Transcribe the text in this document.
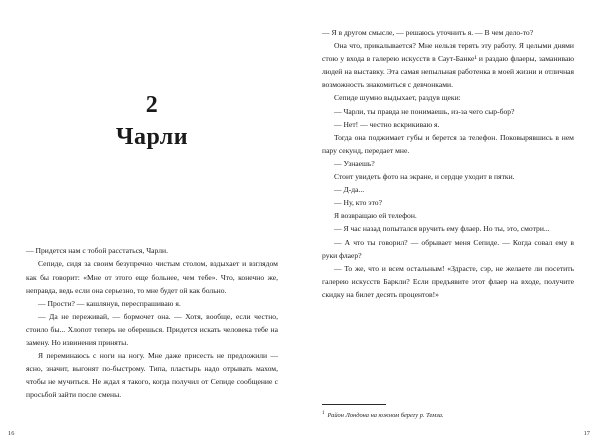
2
Чарли

— Придется нам с тобой расстаться, Чарли.

Сепиде, сидя за своим безупречно чистым столом, вздыхает и взглядом как бы говорит: «Мне от этого еще больнее, чем тебе». Что, конечно же, неправда, ведь если она серьезно, то мне будет ой как больно.

— Прости? — кашлянув, переспрашиваю я.

— Да не переживай, — бормочет она. — Хотя, вообще, если честно, стоило бы... Хлопот теперь не оберешься. Придется искать человека тебе на замену. Но извинения приняты.

Я переминаюсь с ноги на ногу. Мне даже присесть не предложили — ясно, значит, выгонят по-быстрому. Типа, пластырь надо отрывать махом, чтобы не мучиться. Не ждал я такого, когда получил от Сепиде сообщение с просьбой зайти после смены.

16

— Я в другом смысле, — решаюсь уточнить я. — В чем дело-то?

Она что, прикалывается? Мне нельзя терять эту работу. Я целыми днями стою у входа в галерею искусств в Саут-Банке¹ и раздаю флаеры, заманиваю людей на выставку. Эта самая непыльная работенка в моей жизни и отличная возможность знакомиться с девчонками.

Сепиде шумно выдыхает, раздув щеки:

— Чарли, ты правда не понимаешь, из-за чего сыр-бор?

— Нет! — честно вскрикиваю я.

Тогда она поджимает губы и берется за телефон. Поковырявшись в нем пару секунд, передает мне.

— Узнаешь?

Стоит увидеть фото на экране, и сердце уходит в пятки.

— Д-да...

— Ну, кто это?

Я возвращаю ей телефон.

— Я час назад попытался вручить ему флаер. Но ты, это, смотри...

— А что ты говорил? — обрывает меня Сепиде. — Когда совал ему в руки флаер?

— То же, что и всем остальным! «Здрасте, сэр, не желаете ли посетить галерею искусств Баркли? Если предъявите этот флаер на входе, получите скидку на билет десять процентов!»

$^1$ Район Лондона на южном берегу р. Темза.
17
